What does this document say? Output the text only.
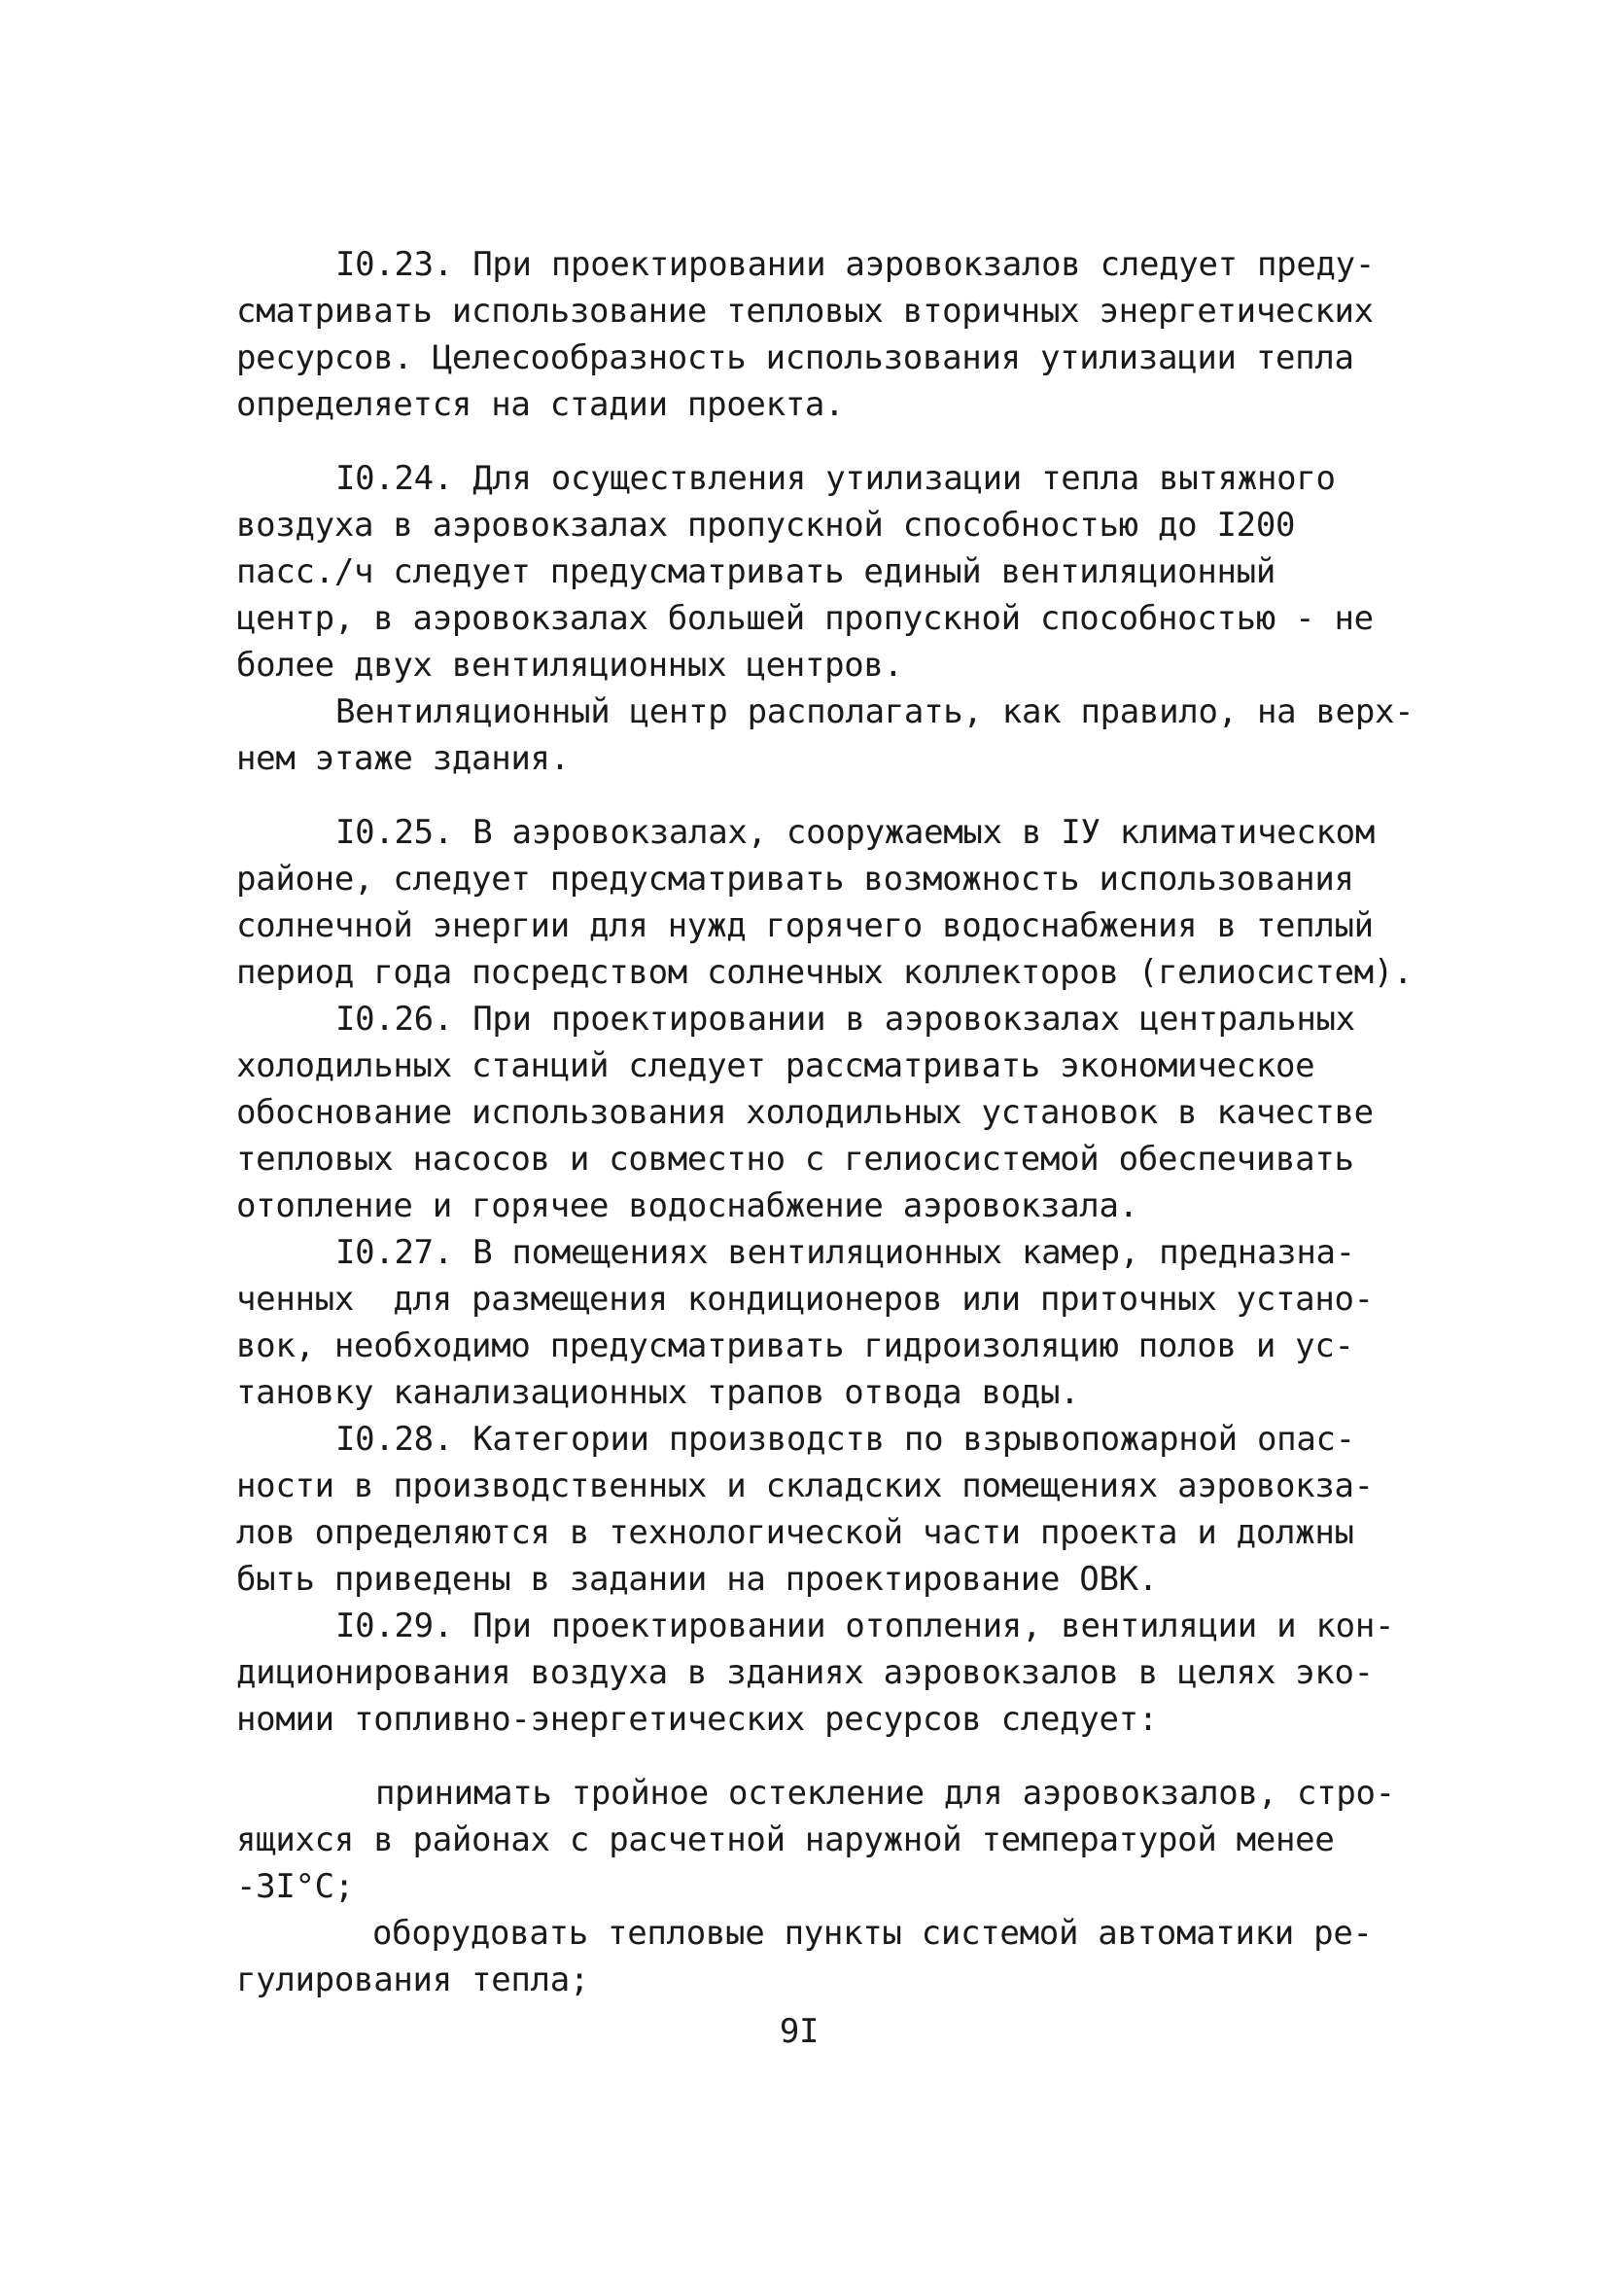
I0.23. При проектировании аэровокзалов следует преду-
сматривать использование тепловых вторичных энергетических
ресурсов. Целесообразность использования утилизации тепла
определяется на стадии проекта.
I0.24. Для осуществления утилизации тепла вытяжного
воздуха в аэровокзалах пропускной способностью до I200
пасс./ч следует предусматривать единый вентиляционный
центр, в аэровокзалах большей пропускной способностью - не
более двух вентиляционных центров.
Вентиляционный центр располагать, как правило, на верх-
нем этаже здания.
I0.25. В аэровокзалах, сооружаемых в IУ климатическом
районе, следует предусматривать возможность использования
солнечной энергии для нужд горячего водоснабжения в теплый
период года посредством солнечных коллекторов (гелиосистем).
I0.26. При проектировании в аэровокзалах центральных
холодильных станций следует рассматривать экономическое
обоснование использования холодильных установок в качестве
тепловых насосов и совместно с гелиосистемой обеспечивать
отопление и горячее водоснабжение аэровокзала.
I0.27. В помещениях вентиляционных камер, предназна-
ченных  для размещения кондиционеров или приточных устано-
вок, необходимо предусматривать гидроизоляцию полов и ус-
тановку канализационных трапов отвода воды.
I0.28. Категории производств по взрывопожарной опас-
ности в производственных и складских помещениях аэровокза-
лов определяются в технологической части проекта и должны
быть приведены в задании на проектирование ОВК.
I0.29. При проектировании отопления, вентиляции и кон-
диционирования воздуха в зданиях аэровокзалов в целях эко-
номии топливно-энергетических ресурсов следует:
принимать тройное остекление для аэровокзалов, стро-
ящихся в районах с расчетной наружной температурой менее
-3I°С;
оборудовать тепловые пункты системой автоматики ре-
гулирования тепла;
9I
